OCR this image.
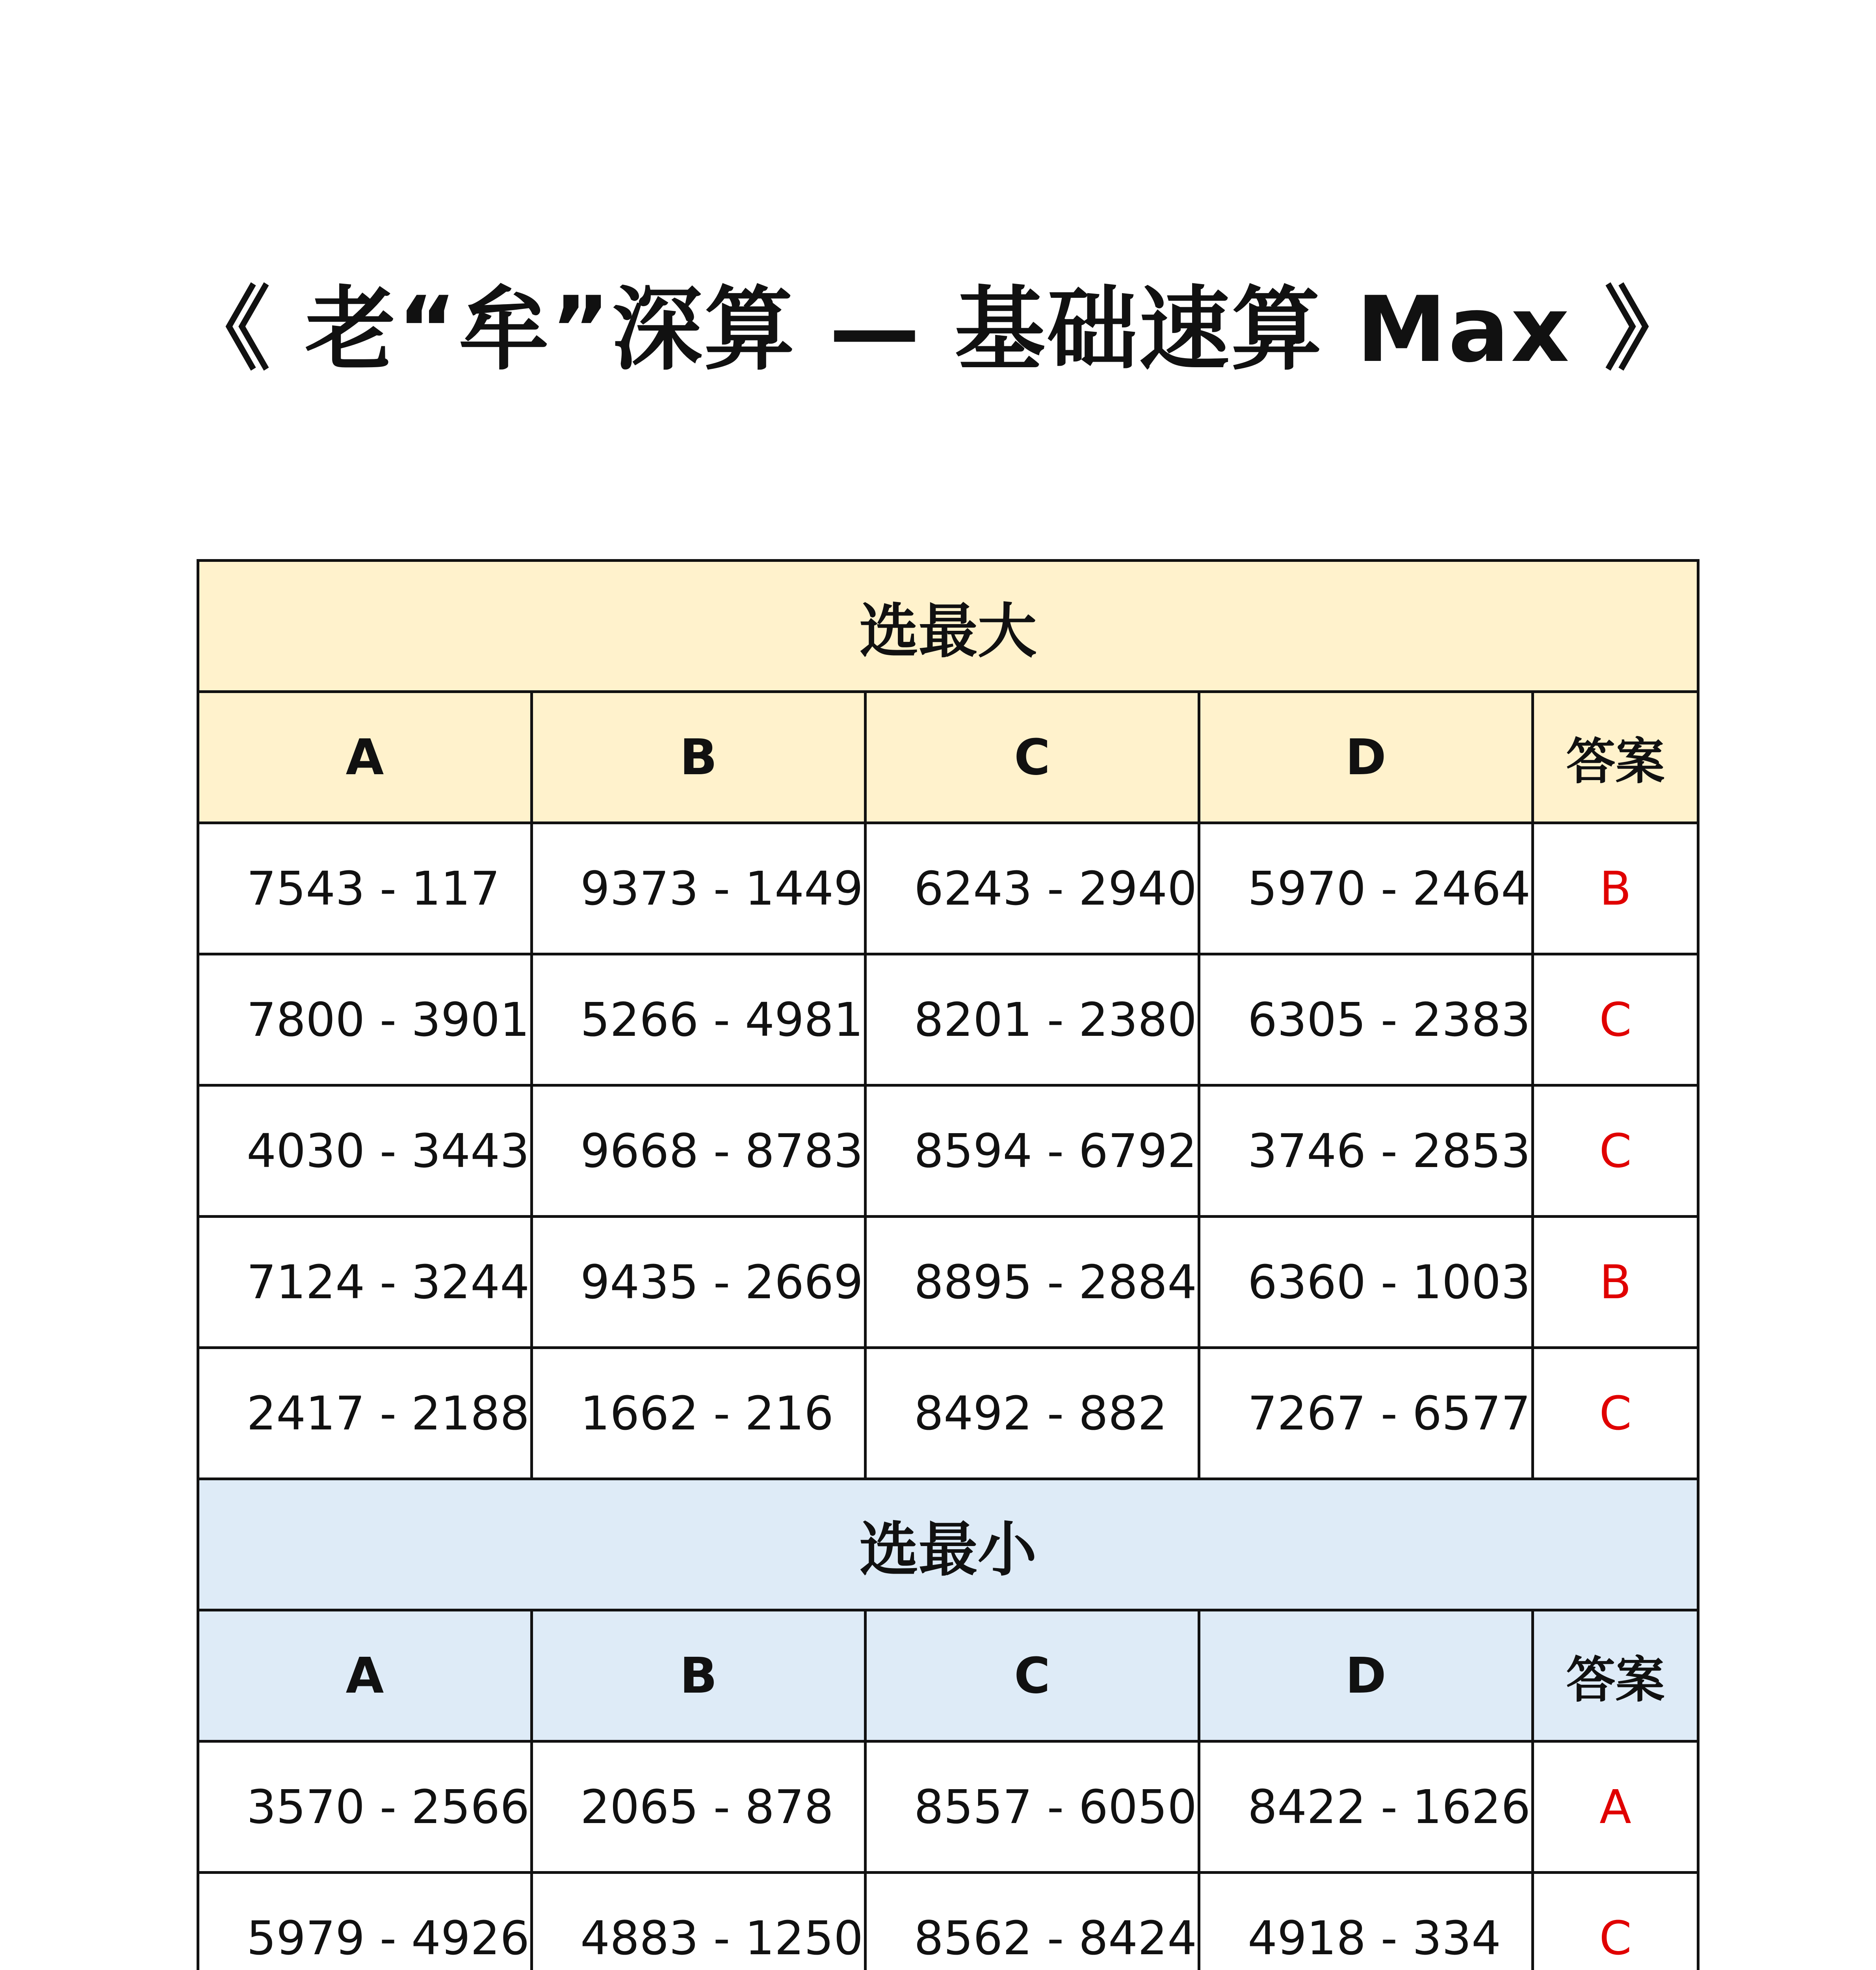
《 老“牟”深算 — 基础速算 Max 》
选最大				
A	B	C	D	答案
7543 - 117	9373 - 1449	6243 - 2940	5970 - 2464	B
7800 - 3901	5266 - 4981	8201 - 2380	6305 - 2383	C
4030 - 3443	9668 - 8783	8594 - 6792	3746 - 2853	C
7124 - 3244	9435 - 2669	8895 - 2884	6360 - 1003	B
2417 - 2188	1662 - 216	8492 - 882	7267 - 6577	C
选最小				
A	B	C	D	答案
3570 - 2566	2065 - 878	8557 - 6050	8422 - 1626	A
5979 - 4926	4883 - 1250	8562 - 8424	4918 - 334	C
